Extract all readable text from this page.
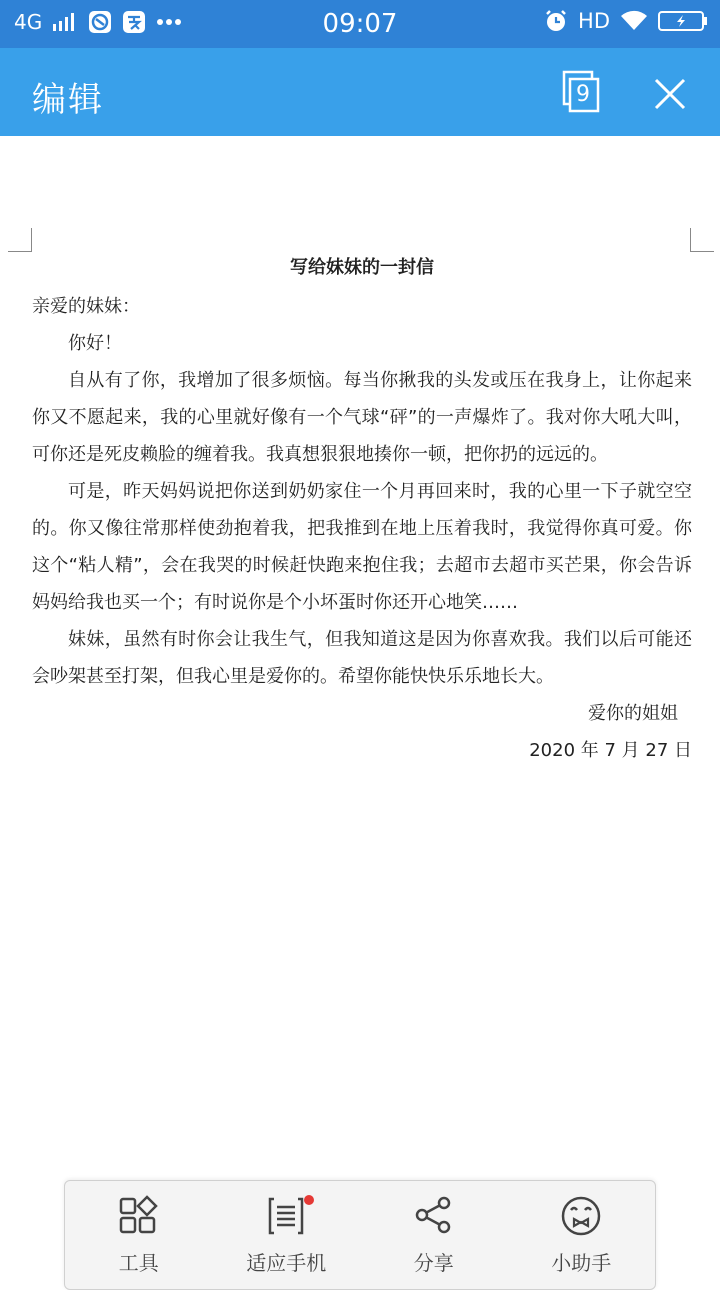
4G	09:07	HD
编辑	9
写给妹妹的一封信
亲爱的妹妹：
你好！
自从有了你，我增加了很多烦恼。每当你揪我的头发或压在我身上，让你起来你又不愿起来，我的心里就好像有一个气球“砰”的一声爆炸了。我对你大吼大叫，可你还是死皮赖脸的缠着我。我真想狠狠地揍你一顿，把你扔的远远的。
可是，昨天妈妈说把你送到奶奶家住一个月再回来时，我的心里一下子就空空的。你又像往常那样使劲抱着我，把我推到在地上压着我时，我觉得你真可爱。你这个“粘人精”，会在我哭的时候赶快跑来抱住我；去超市去超市买芒果，你会告诉妈妈给我也买一个；有时说你是个小坏蛋时你还开心地笑……
妹妹，虽然有时你会让我生气，但我知道这是因为你喜欢我。我们以后可能还会吵架甚至打架，但我心里是爱你的。希望你能快快乐乐地长大。
爱你的姐姐
2020 年 7 月 27 日
工具	适应手机	分享	小助手
